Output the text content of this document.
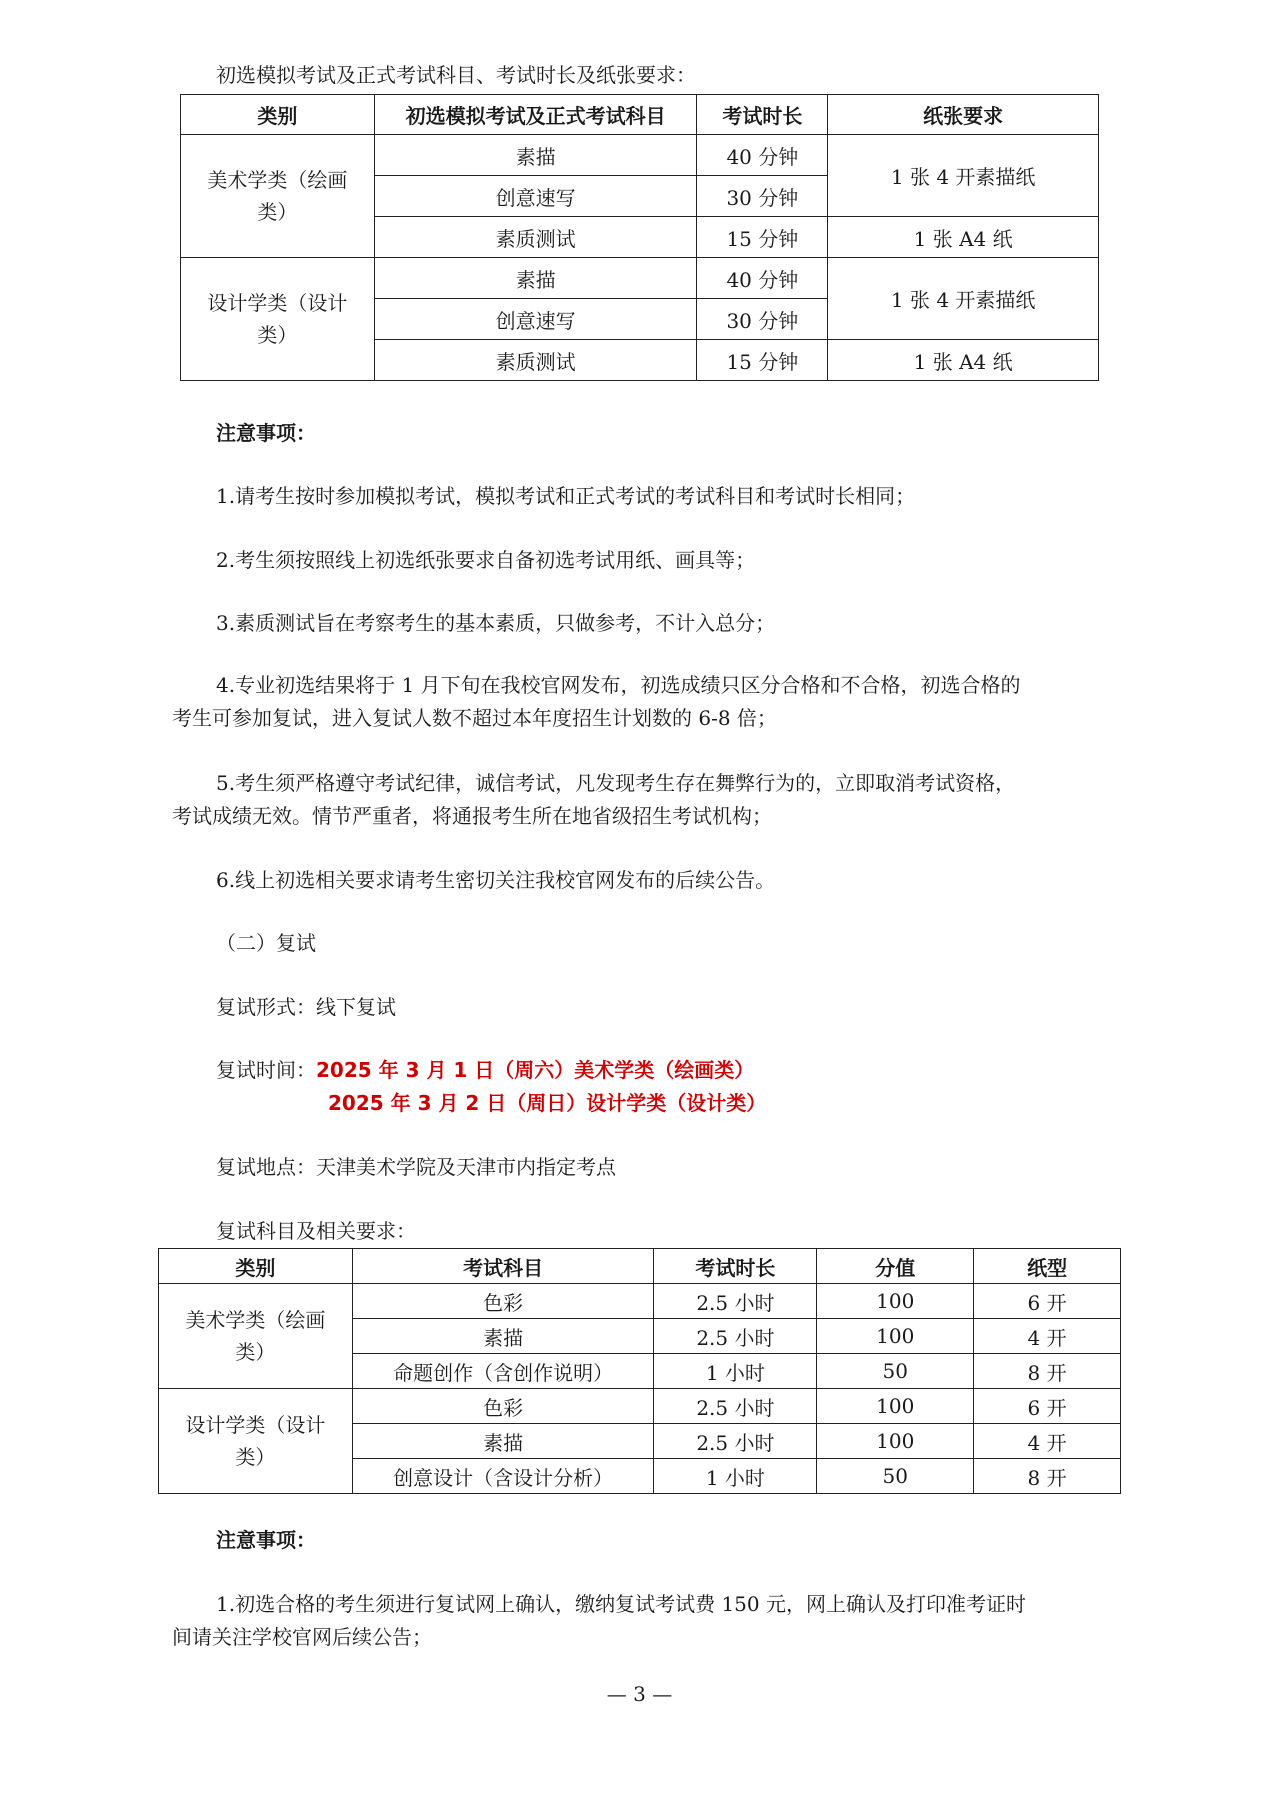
初选模拟考试及正式考试科目、考试时长及纸张要求：
类别	初选模拟考试及正式考试科目	考试时长	纸张要求
美术学类（绘画类）	素描	40 分钟	1 张 4 开素描纸
	创意速写	30 分钟	
	素质测试	15 分钟	1 张 A4 纸
设计学类（设计类）	素描	40 分钟	1 张 4 开素描纸
	创意速写	30 分钟	
	素质测试	15 分钟	1 张 A4 纸
注意事项：
1.请考生按时参加模拟考试，模拟考试和正式考试的考试科目和考试时长相同；
2.考生须按照线上初选纸张要求自备初选考试用纸、画具等；
3.素质测试旨在考察考生的基本素质，只做参考，不计入总分；
4.专业初选结果将于 1 月下旬在我校官网发布，初选成绩只区分合格和不合格，初选合格的
考生可参加复试，进入复试人数不超过本年度招生计划数的 6-8 倍；
5.考生须严格遵守考试纪律，诚信考试，凡发现考生存在舞弊行为的，立即取消考试资格，
考试成绩无效。情节严重者，将通报考生所在地省级招生考试机构；
6.线上初选相关要求请考生密切关注我校官网发布的后续公告。
（二）复试
复试形式：线下复试
复试时间：2025 年 3 月 1 日（周六）美术学类（绘画类）
2025 年 3 月 2 日（周日）设计学类（设计类）
复试地点：天津美术学院及天津市内指定考点
复试科目及相关要求：
类别	考试科目	考试时长	分值	纸型
美术学类（绘画类）	色彩	2.5 小时	100	6 开
	素描	2.5 小时	100	4 开
	命题创作（含创作说明）	1 小时	50	8 开
设计学类（设计类）	色彩	2.5 小时	100	6 开
	素描	2.5 小时	100	4 开
	创意设计（含设计分析）	1 小时	50	8 开
注意事项：
1.初选合格的考生须进行复试网上确认，缴纳复试考试费 150 元，网上确认及打印准考证时
间请关注学校官网后续公告；
— 3 —
